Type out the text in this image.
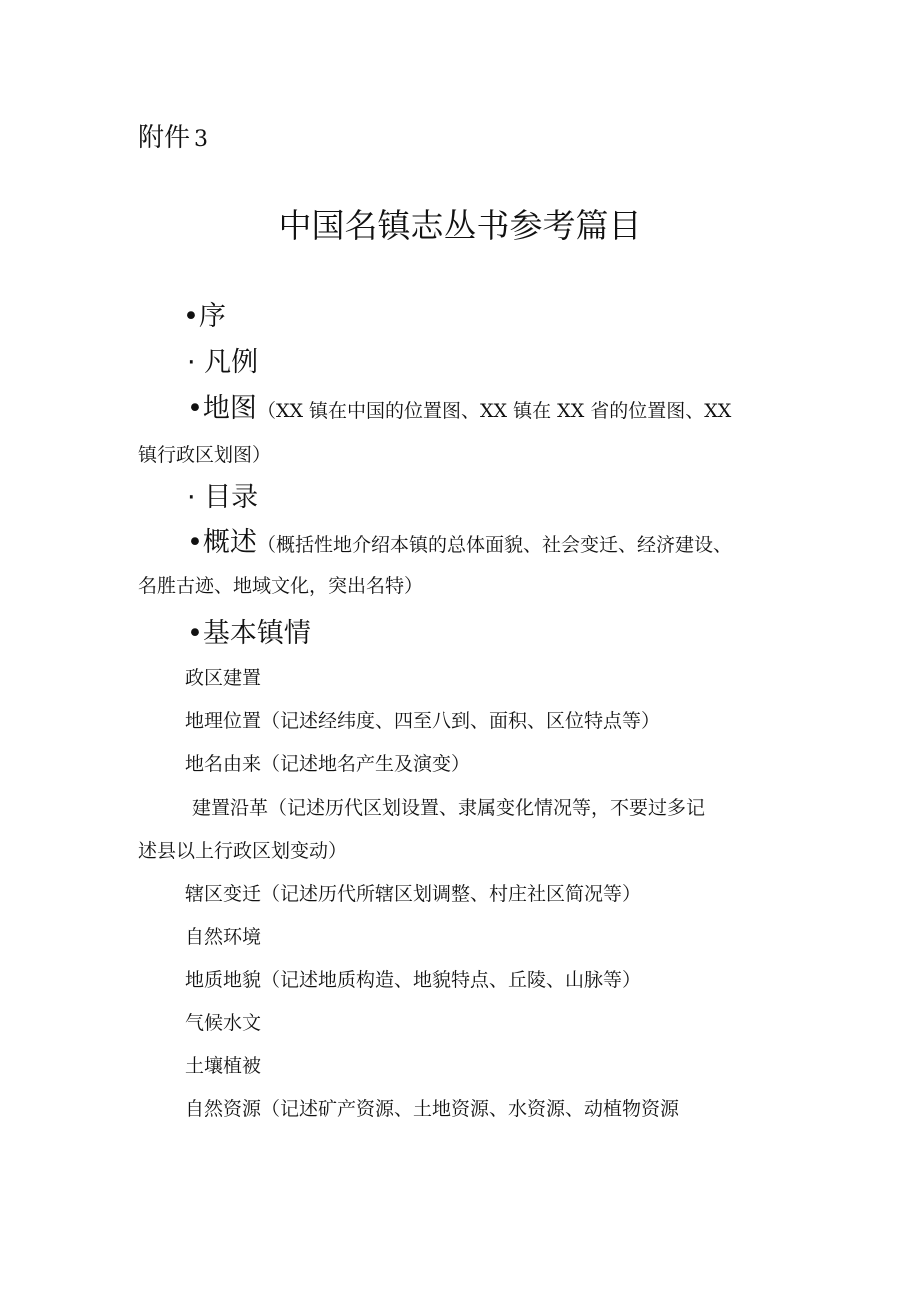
附件 3
中国名镇志丛书参考篇目
•序
· 凡例
•地图（XX 镇在中国的位置图、XX 镇在 XX 省的位置图、XX
镇行政区划图）
· 目录
•概述（概括性地介绍本镇的总体面貌、社会变迁、经济建设、
名胜古迹、地域文化，突出名特）
•基本镇情
政区建置
地理位置（记述经纬度、四至八到、面积、区位特点等）
地名由来（记述地名产生及演变）
建置沿革（记述历代区划设置、隶属变化情况等，不要过多记
述县以上行政区划变动）
辖区变迁（记述历代所辖区划调整、村庄社区简况等）
自然环境
地质地貌（记述地质构造、地貌特点、丘陵、山脉等）
气候水文
土壤植被
自然资源（记述矿产资源、土地资源、水资源、动植物资源
